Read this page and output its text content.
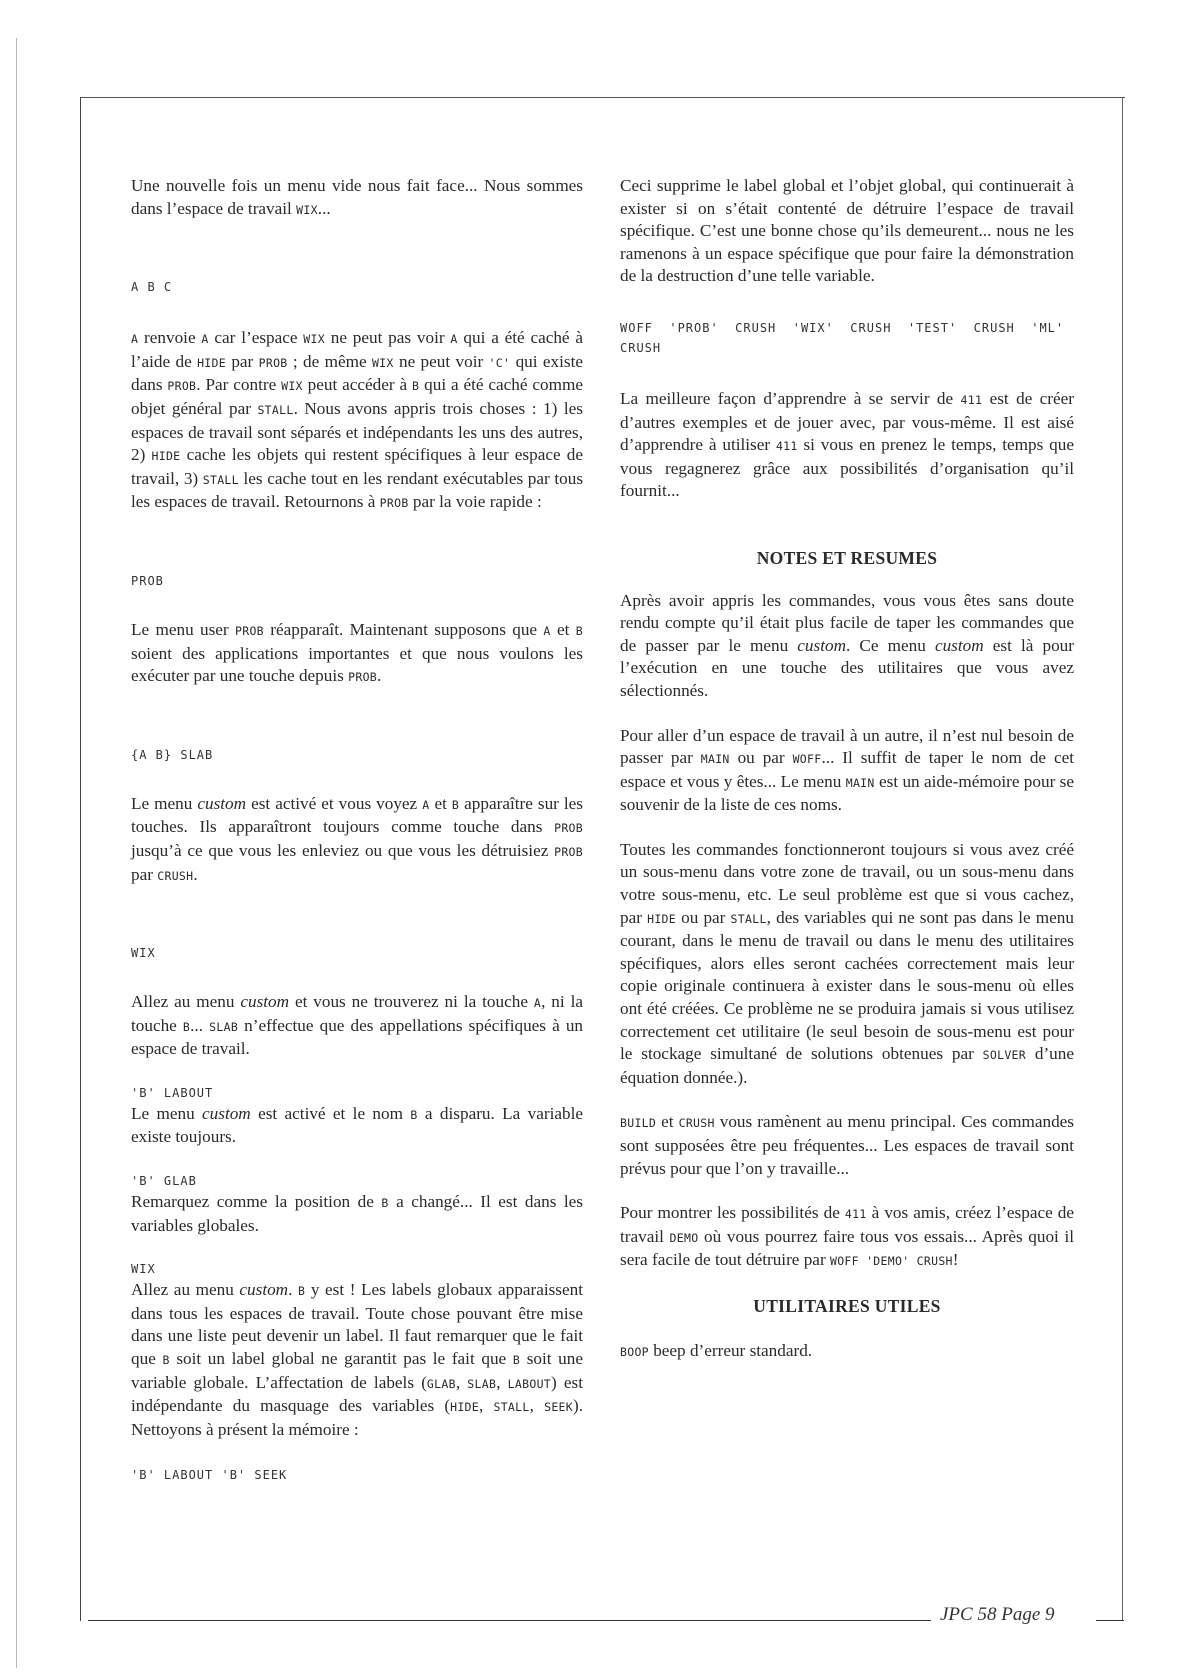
JPC 58 Page 9

Une nouvelle fois un menu vide nous fait face... Nous sommes dans l’espace de travail WIX...

A B C

A renvoie A car l’espace WIX ne peut pas voir A qui a été caché à l’aide de HIDE par PROB ; de même WIX ne peut voir 'C' qui existe dans PROB. Par contre WIX peut accéder à B qui a été caché comme objet général par STALL. Nous avons appris trois choses : 1) les espaces de travail sont séparés et indépendants les uns des autres, 2) HIDE cache les objets qui restent spécifiques à leur espace de travail, 3) STALL les cache tout en les rendant exécutables par tous les espaces de travail. Retournons à PROB par la voie rapide :

PROB

Le menu user PROB réapparaît. Maintenant supposons que A et B soient des applications importantes et que nous voulons les exécuter par une touche depuis PROB.

{A B} SLAB

Le menu custom est activé et vous voyez A et B apparaître sur les touches. Ils apparaîtront toujours comme touche dans PROB jusqu’à ce que vous les enleviez ou que vous les détruisiez PROB par CRUSH.

WIX

Allez au menu custom et vous ne trouverez ni la touche A, ni la touche B... SLAB n’effectue que des appellations spécifiques à un espace de travail.

'B' LABOUT

Le menu custom est activé et le nom B a disparu. La variable existe toujours.

'B' GLAB

Remarquez comme la position de B a changé... Il est dans les variables globales.

WIX

Allez au menu custom. B y est ! Les labels globaux apparaissent dans tous les espaces de travail. Toute chose pouvant être mise dans une liste peut devenir un label. Il faut remarquer que le fait que B soit un label global ne garantit pas le fait que B soit une variable globale. L’affectation de labels (GLAB, SLAB, LABOUT) est indépendante du masquage des variables (HIDE, STALL, SEEK). Nettoyons à présent la mémoire :

'B' LABOUT 'B' SEEK

Ceci supprime le label global et l’objet global, qui continuerait à exister si on s’était contenté de détruire l’espace de travail spécifique. C’est une bonne chose qu’ils demeurent... nous ne les ramenons à un espace spécifique que pour faire la démonstration de la destruction d’une telle variable.

WOFF  'PROB'  CRUSH  'WIX'  CRUSH  'TEST'  CRUSH  'ML' CRUSH

La meilleure façon d’apprendre à se servir de 411 est de créer d’autres exemples et de jouer avec, par vous-même. Il est aisé d’apprendre à utiliser 411 si vous en prenez le temps, temps que vous regagnerez grâce aux possibilités d’organisation qu’il fournit...

NOTES ET RESUMES

Après avoir appris les commandes, vous vous êtes sans doute rendu compte qu’il était plus facile de taper les commandes que de passer par le menu custom. Ce menu custom est là pour l’exécution en une touche des utilitaires que vous avez sélectionnés.

Pour aller d’un espace de travail à un autre, il n’est nul besoin de passer par MAIN ou par WOFF... Il suffit de taper le nom de cet espace et vous y êtes... Le menu MAIN est un aide-mémoire pour se souvenir de la liste de ces noms.

Toutes les commandes fonctionneront toujours si vous avez créé un sous-menu dans votre zone de travail, ou un sous-menu dans votre sous-menu, etc. Le seul problème est que si vous cachez, par HIDE ou par STALL, des variables qui ne sont pas dans le menu courant, dans le menu de travail ou dans le menu des utilitaires spécifiques, alors elles seront cachées correctement mais leur copie originale continuera à exister dans le sous-menu où elles ont été créées. Ce problème ne se produira jamais si vous utilisez correctement cet utilitaire (le seul besoin de sous-menu est pour le stockage simultané de solutions obtenues par SOLVER d’une équation donnée.).

BUILD et CRUSH vous ramènent au menu principal. Ces commandes sont supposées être peu fréquentes... Les espaces de travail sont prévus pour que l’on y travaille...

Pour montrer les possibilités de 411 à vos amis, créez l’espace de travail DEMO où vous pourrez faire tous vos essais... Après quoi il sera facile de tout détruire par WOFF 'DEMO' CRUSH!

UTILITAIRES UTILES

BOOP beep d’erreur standard.
